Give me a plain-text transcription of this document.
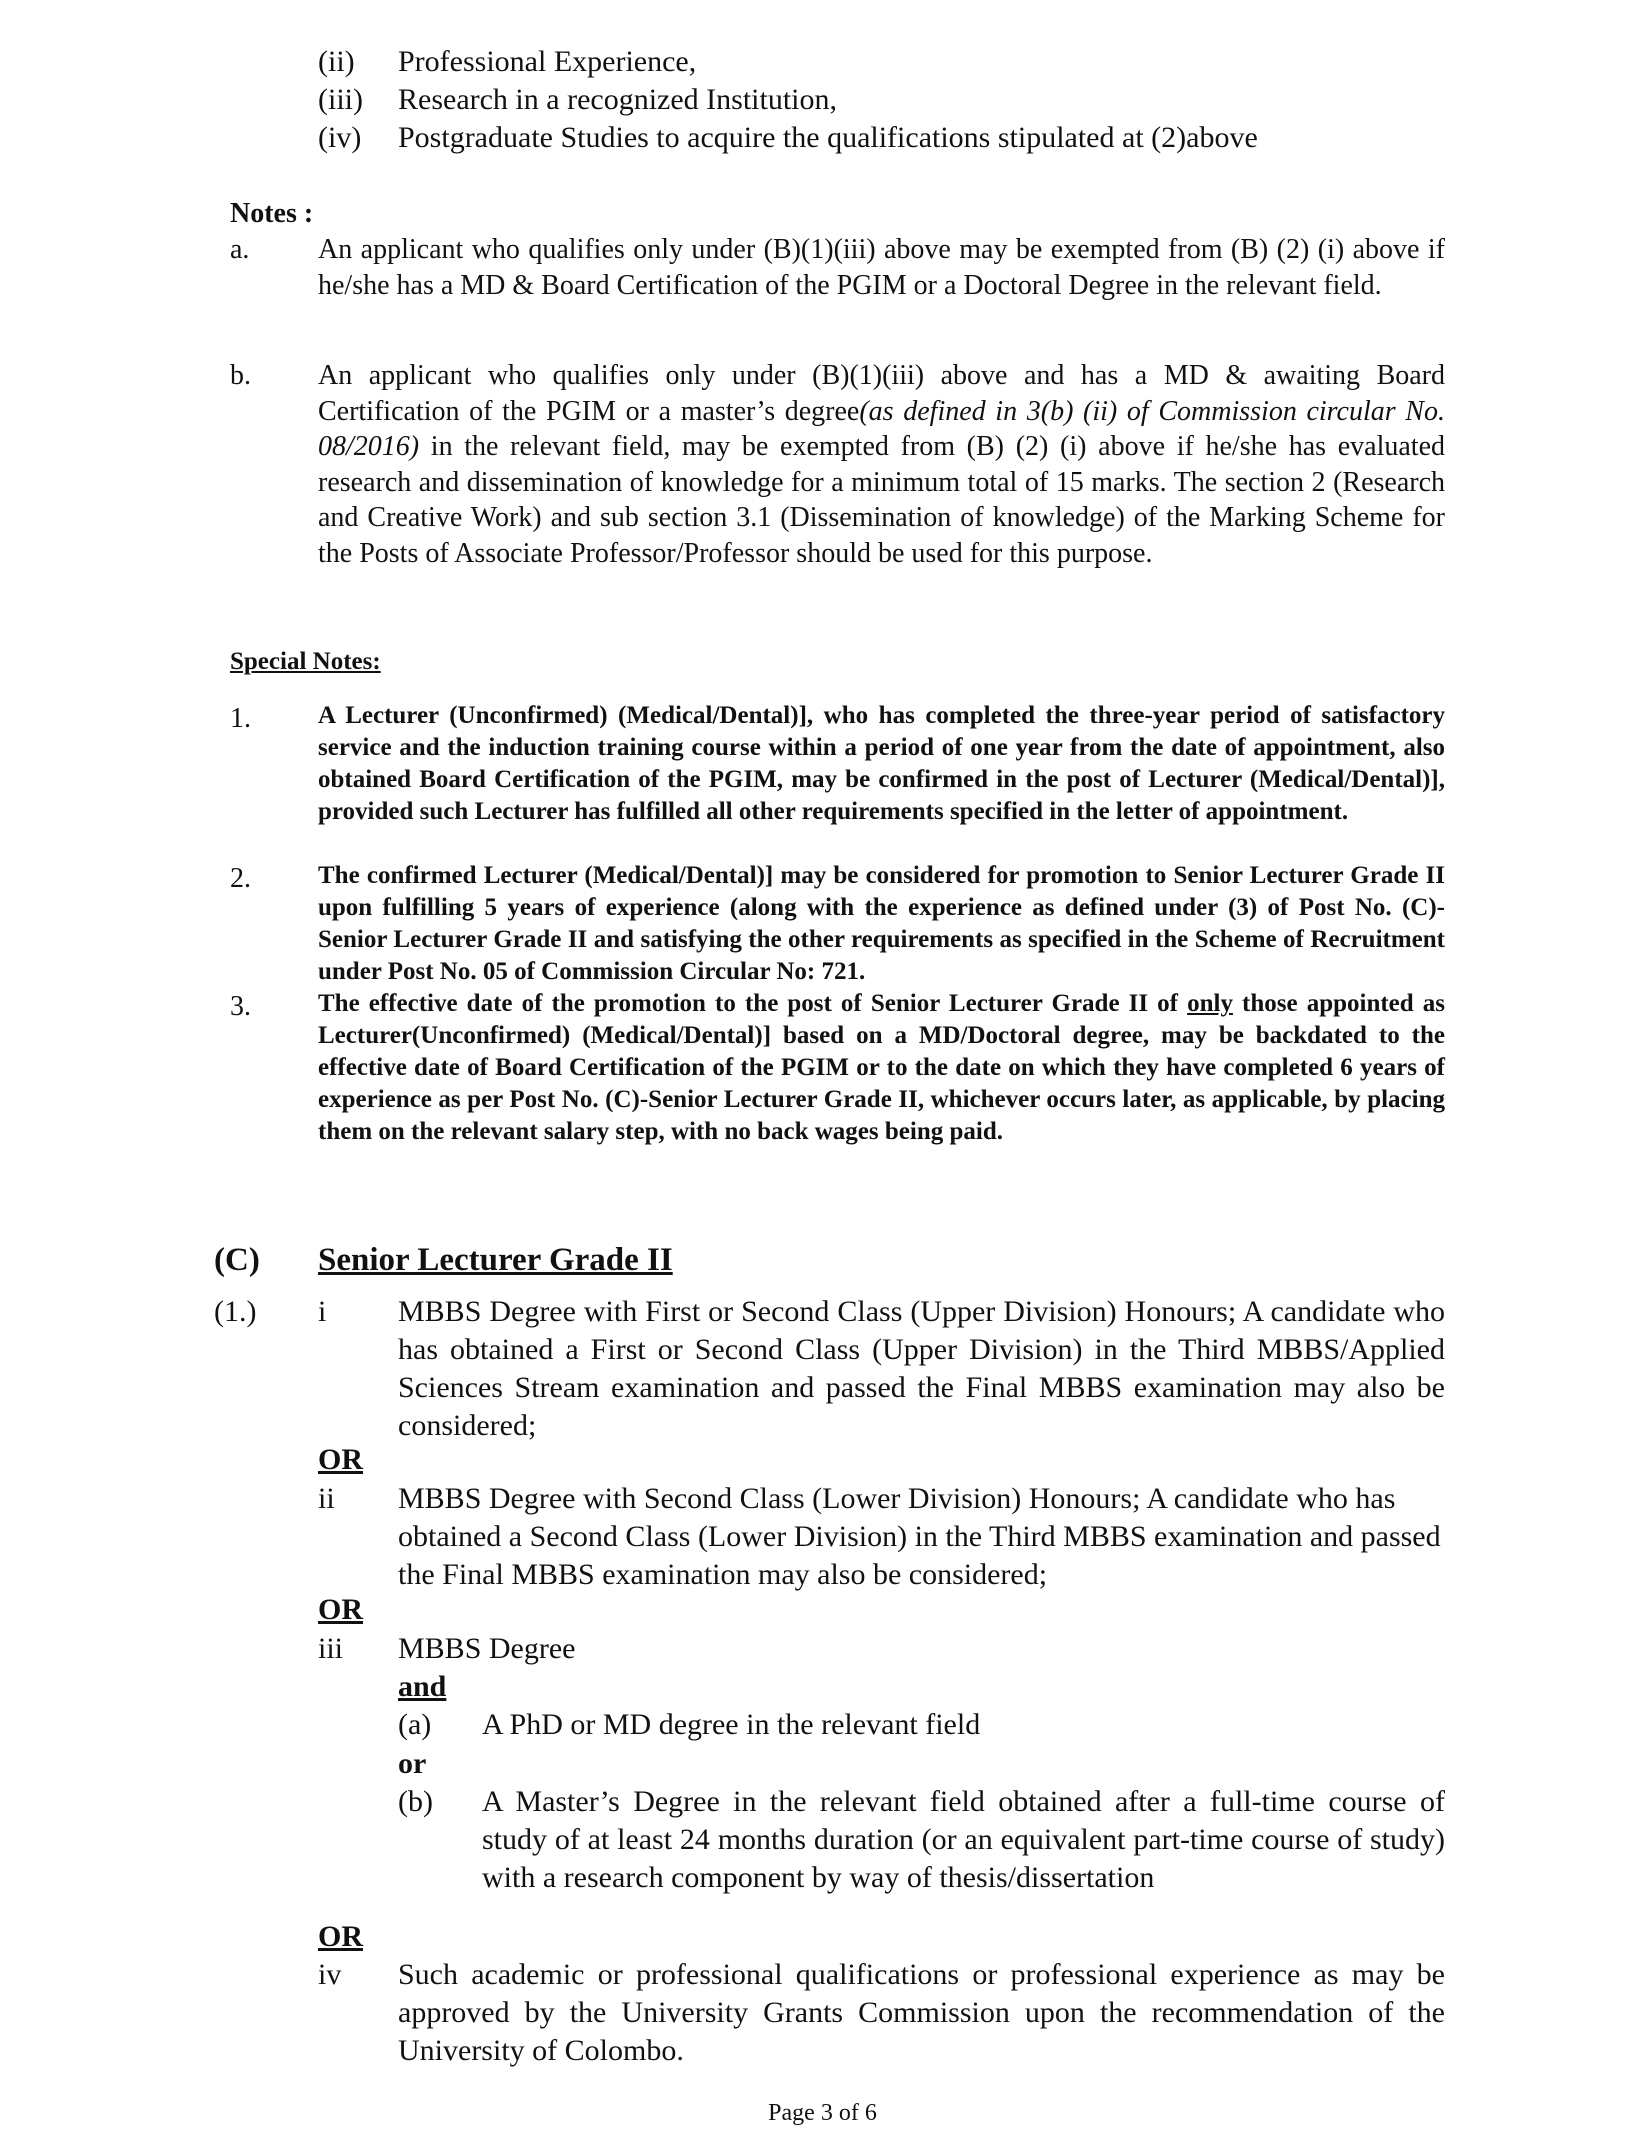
(ii) Professional Experience,
(iii) Research in a recognized Institution,
(iv) Postgraduate Studies to acquire the qualifications stipulated at (2)above
Notes :
a. An applicant who qualifies only under (B)(1)(iii) above may be exempted from (B) (2) (i) above if he/she has a MD & Board Certification of the PGIM or a Doctoral Degree in the relevant field.
b. An applicant who qualifies only under (B)(1)(iii) above and has a MD & awaiting Board Certification of the PGIM or a master’s degree(as defined in 3(b) (ii) of Commission circular No. 08/2016) in the relevant field, may be exempted from (B) (2) (i) above if he/she has evaluated research and dissemination of knowledge for a minimum total of 15 marks. The section 2 (Research and Creative Work) and sub section 3.1 (Dissemination of knowledge) of the Marking Scheme for the Posts of Associate Professor/Professor should be used for this purpose.
Special Notes:
1.	A Lecturer (Unconfirmed) (Medical/Dental)], who has completed the three-year period of satisfactory service and the induction training course within a period of one year from the date of appointment, also obtained Board Certification of the PGIM, may be confirmed in the post of Lecturer (Medical/Dental)], provided such Lecturer has fulfilled all other requirements specified in the letter of appointment.
2.	The confirmed Lecturer (Medical/Dental)] may be considered for promotion to Senior Lecturer Grade II upon fulfilling 5 years of experience (along with the experience as defined under (3) of Post No. (C)-Senior Lecturer Grade II and satisfying the other requirements as specified in the Scheme of Recruitment under Post No. 05 of Commission Circular No: 721.
3.	The effective date of the promotion to the post of Senior Lecturer Grade II of only those appointed as Lecturer(Unconfirmed) (Medical/Dental)] based on a MD/Doctoral degree, may be backdated to the effective date of Board Certification of the PGIM or to the date on which they have completed 6 years of experience as per Post No. (C)-Senior Lecturer Grade II, whichever occurs later, as applicable, by placing them on the relevant salary step, with no back wages being paid.
(C) Senior Lecturer Grade II
(1.) i MBBS Degree with First or Second Class (Upper Division) Honours; A candidate who has obtained a First or Second Class (Upper Division) in the Third MBBS/Applied Sciences Stream examination and passed the Final MBBS examination may also be considered;
OR
ii MBBS Degree with Second Class (Lower Division) Honours; A candidate who has obtained a Second Class (Lower Division) in the Third MBBS examination and passed the Final MBBS examination may also be considered;
OR
iii MBBS Degree
and
(a) A PhD or MD degree in the relevant field
or
(b) A Master’s Degree in the relevant field obtained after a full-time course of study of at least 24 months duration (or an equivalent part-time course of study) with a research component by way of thesis/dissertation
OR
iv Such academic or professional qualifications or professional experience as may be approved by the University Grants Commission upon the recommendation of the University of Colombo.
Page 3 of 6
